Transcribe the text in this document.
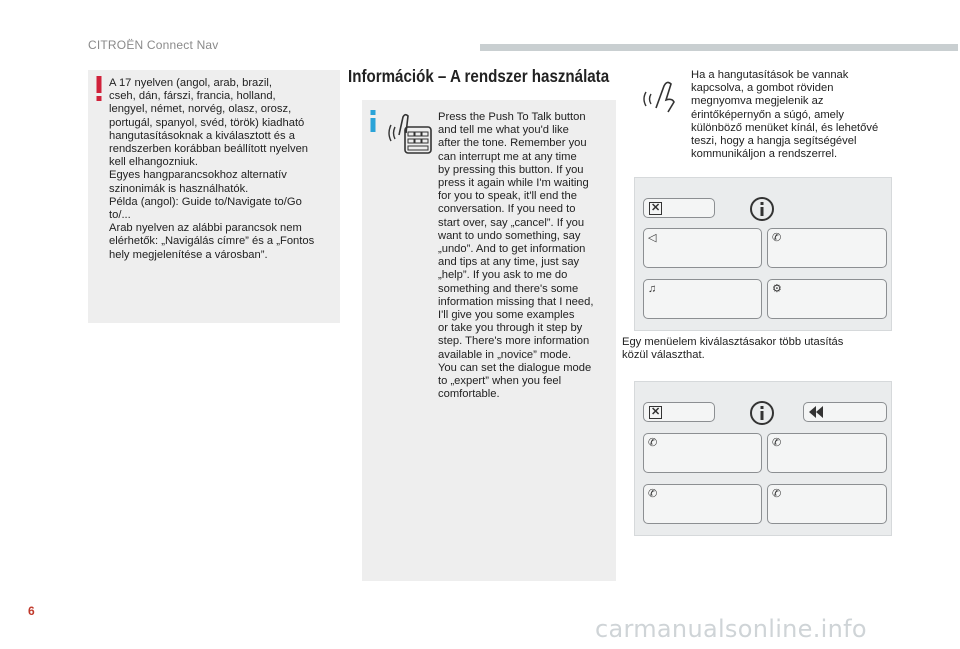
CITROËN Connect Nav
A 17 nyelven (angol, arab, brazil,
cseh, dán, fárszi, francia, holland,
lengyel, német, norvég, olasz, orosz,
portugál, spanyol, svéd, török) kiadható
hangutasításoknak a kiválasztott és a
rendszerben korábban beállított nyelven
kell elhangozniuk.
Egyes hangparancsokhoz alternatív
szinonimák is használhatók.
Példa (angol): Guide to/Navigate to/Go
to/...
Arab nyelven az alábbi parancsok nem
elérhetők: „Navigálás címre” és a „Fontos
hely megjelenítése a városban”.
Információk – A rendszer használata
Press the Push To Talk button
and tell me what you'd like
after the tone. Remember you
can interrupt me at any time
by pressing this button. If you
press it again while I'm waiting
for you to speak, it'll end the
conversation. If you need to
start over, say „cancel”. If you
want to undo something, say
„undo”. And to get information
and tips at any time, just say
„help”. If you ask to me do
something and there's some
information missing that I need,
I'll give you some examples
or take you through it step by
step. There's more information
available in „novice” mode.
You can set the dialogue mode
to „expert” when you feel
comfortable.
Ha a hangutasítások be vannak
kapcsolva, a gombot röviden
megnyomva megjelenik az
érintőképernyőn a súgó, amely
különböző menüket kínál, és lehetővé
teszi, hogy a hangja segítségével
kommunikáljon a rendszerrel.
✕
◁	✆
♫	⚙
Egy menüelem kiválasztásakor több utasítás
közül választhat.
✕
✆	✆
✆	✆
6
carmanualsonline.info
